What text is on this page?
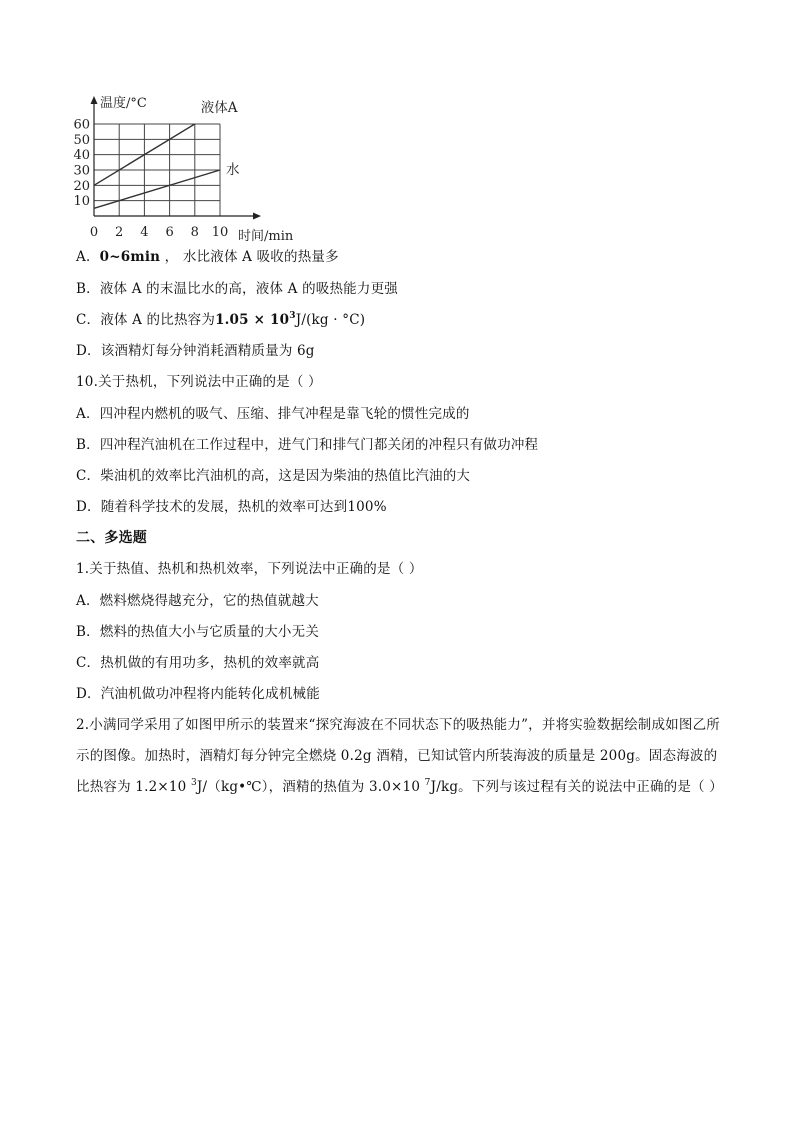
0 2 4 6 8 10
10
20
30
40
50
60
温度/°C
时间/min
液体A
水
A．0~6min ， 水比液体 A 吸收的热量多
B．液体 A 的末温比水的高，液体 A 的吸热能力更强
C．液体 A 的比热容为$1.05 \times 10^3J/(kg \cdot ^\circ C)$
D．该酒精灯每分钟消耗酒精质量为 6g
10.关于热机，下列说法中正确的是（ ）
A．四冲程内燃机的吸气、压缩、排气冲程是靠飞轮的惯性完成的
B．四冲程汽油机在工作过程中，进气门和排气门都关闭的冲程只有做功冲程
C．柴油机的效率比汽油机的高，这是因为柴油的热值比汽油的大
D．随着科学技术的发展，热机的效率可达到100%
二、多选题
1.关于热值、热机和热机效率，下列说法中正确的是（ ）
A．燃料燃烧得越充分，它的热值就越大
B．燃料的热值大小与它质量的大小无关
C．热机做的有用功多，热机的效率就高
D．汽油机做功冲程将内能转化成机械能
2.小满同学采用了如图甲所示的装置来“探究海波在不同状态下的吸热能力”，并将实验数据绘制成如图乙所示的图像。加热时，酒精灯每分钟完全燃烧 0.2g 酒精，已知试管内所装海波的质量是 200g。固态海波的比热容为 1.2×10 $^3$J/（kg•℃），酒精的热值为 3.0×10 $^7$J/kg。下列与该过程有关的说法中正确的是（ ）
